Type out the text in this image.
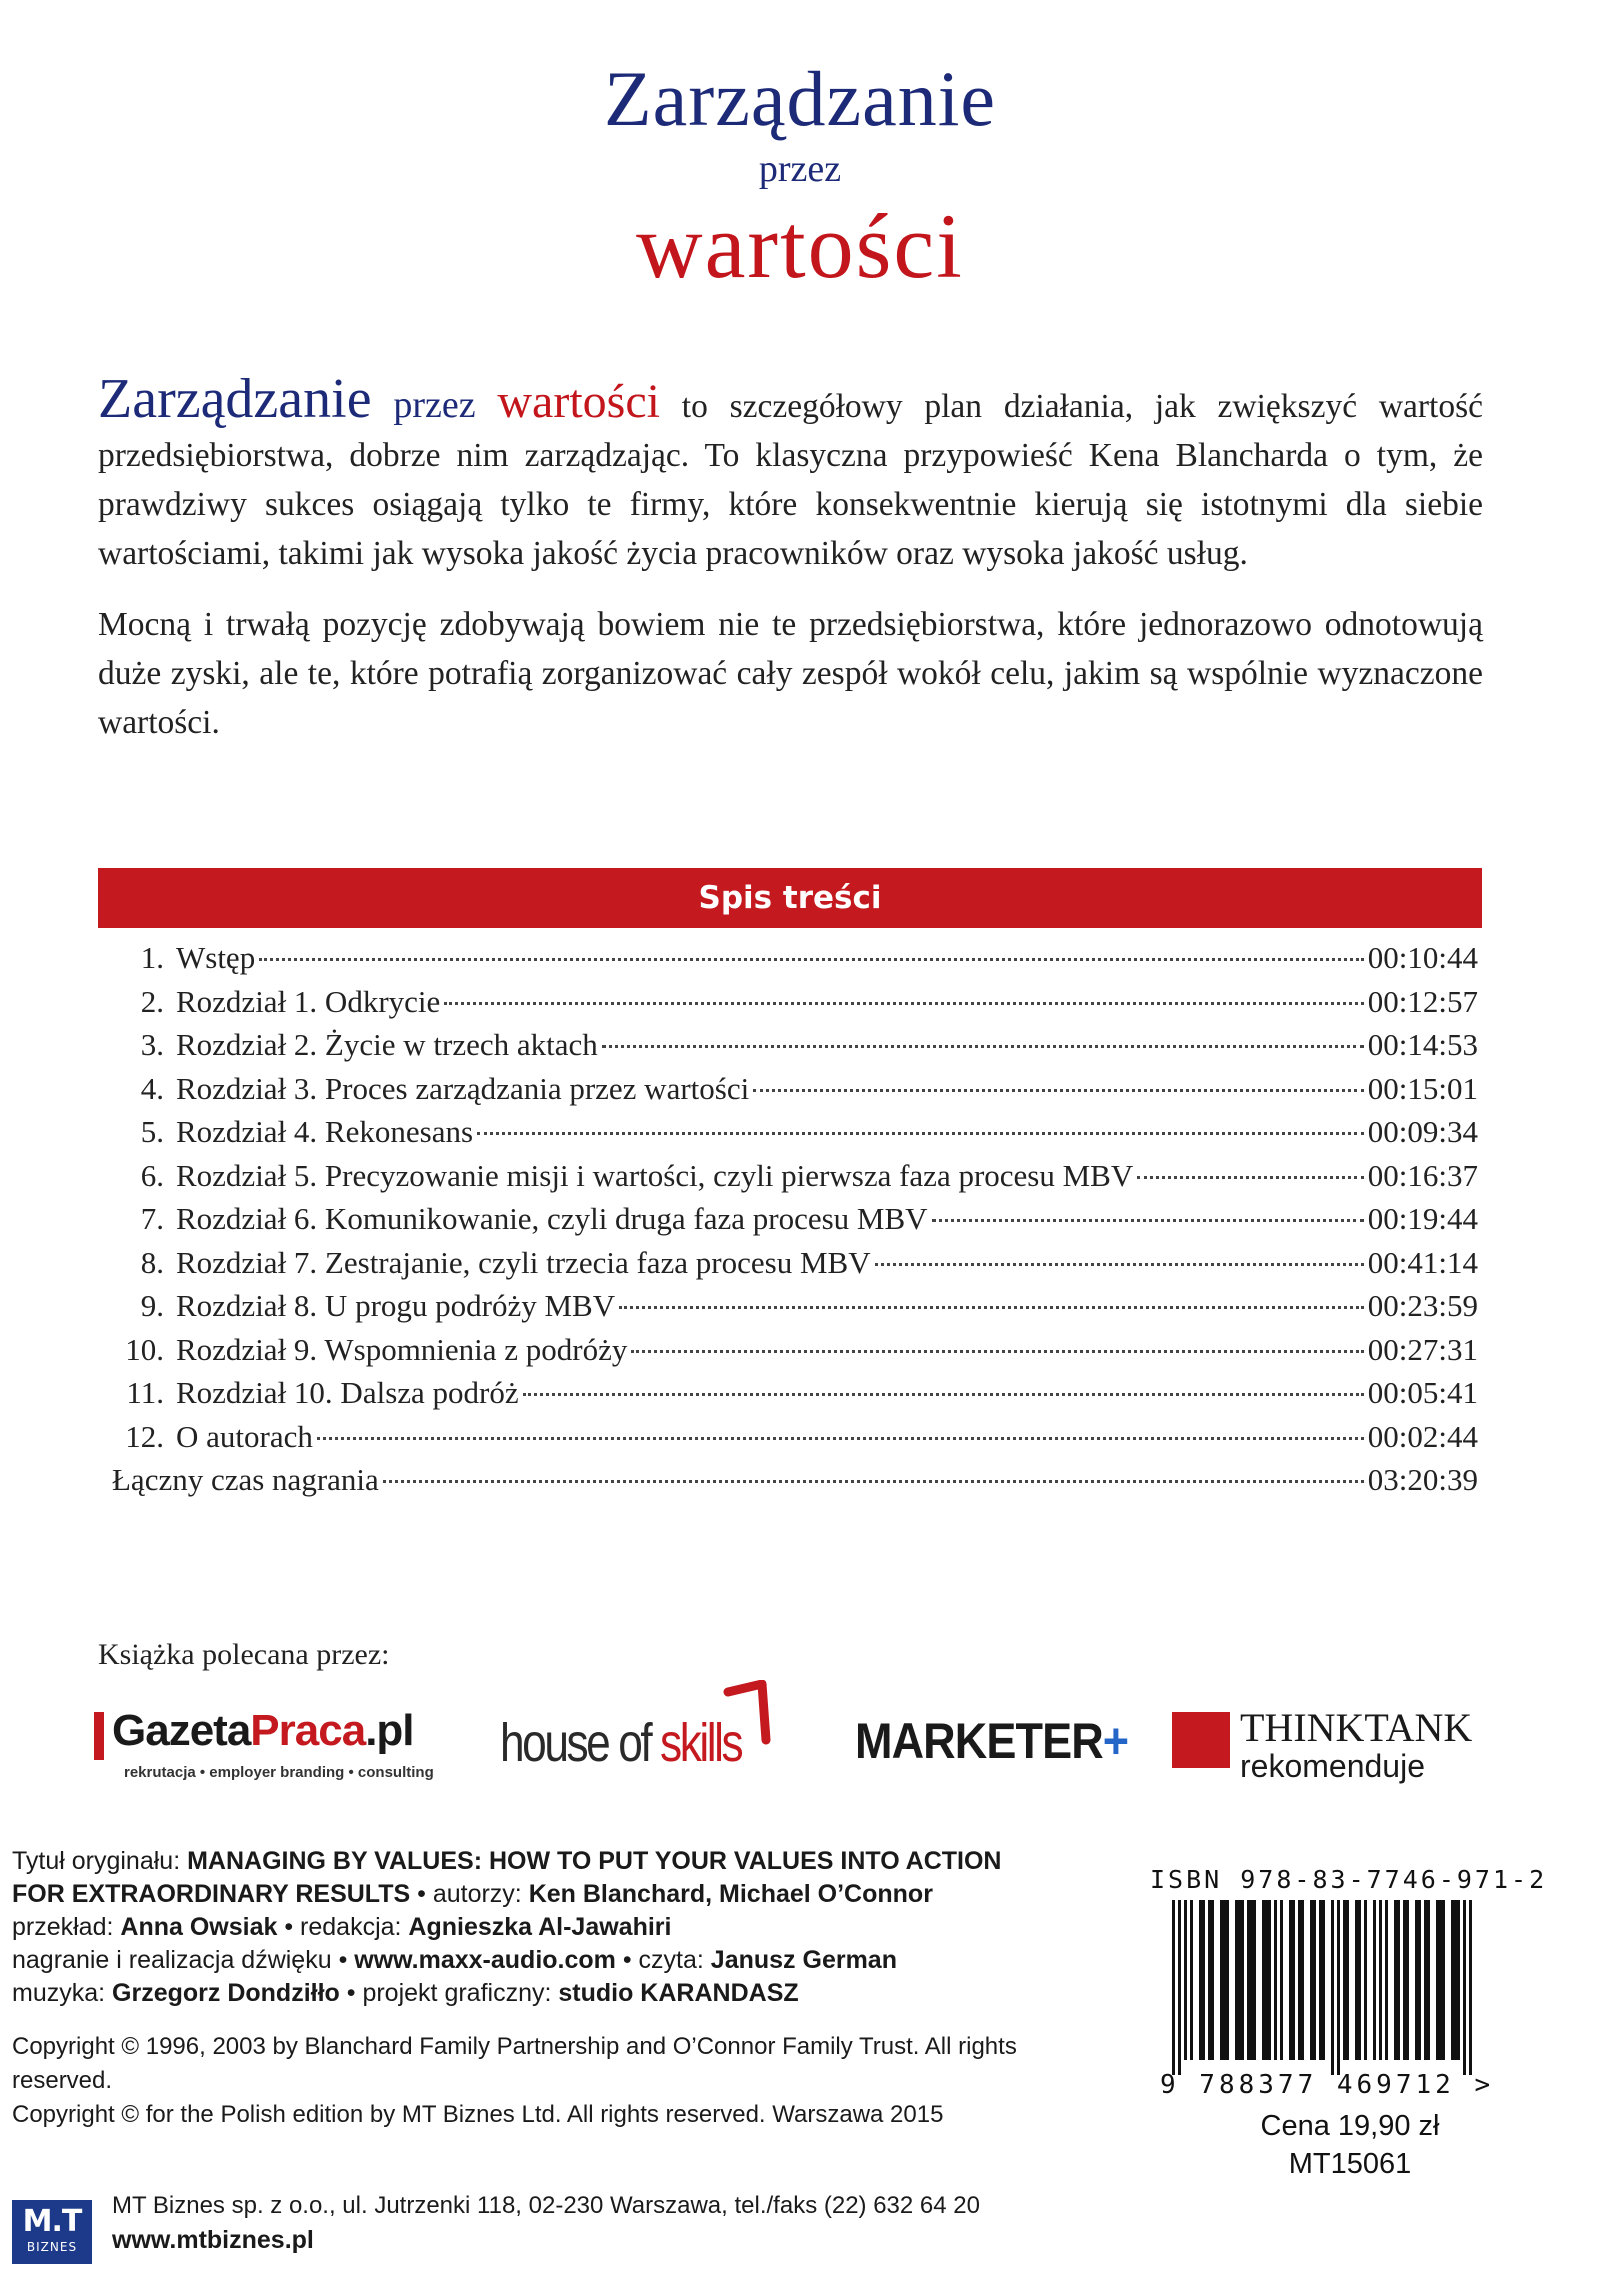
Zarządzanie
przez
wartości

Zarządzanie przez wartości to szczegółowy plan działania, jak zwiększyć wartość przedsiębiorstwa, dobrze nim zarządzając. To klasyczna przypowieść Kena Blancharda o tym, że prawdziwy sukces osiągają tylko te firmy, które konsekwentnie kierują się istotnymi dla siebie wartościami, takimi jak wysoka jakość życia pracowników oraz wysoka jakość usług.

Mocną i trwałą pozycję zdobywają bowiem nie te przedsiębiorstwa, które jednorazowo odnotowują duże zyski, ale te, które potrafią zorganizować cały zespół wokół celu, jakim są wspólnie wyznaczone wartości.

Spis treści
1. Wstęp	00:10:44
2. Rozdział 1. Odkrycie	00:12:57
3. Rozdział 2. Życie w trzech aktach	00:14:53
4. Rozdział 3. Proces zarządzania przez wartości	00:15:01
5. Rozdział 4. Rekonesans	00:09:34
6. Rozdział 5. Precyzowanie misji i wartości, czyli pierwsza faza procesu MBV	00:16:37
7. Rozdział 6. Komunikowanie, czyli druga faza procesu MBV	00:19:44
8. Rozdział 7. Zestrajanie, czyli trzecia faza procesu MBV	00:41:14
9. Rozdział 8. U progu podróży MBV	00:23:59
10. Rozdział 9. Wspomnienia z podróży	00:27:31
11. Rozdział 10. Dalsza podróż	00:05:41
12. O autorach	00:02:44
Łączny czas nagrania	03:20:39
Książka polecana przez:
GazetaPraca.pl
rekrutacja • employer branding • consulting house of skills MARKETER+	THINKTANK
rekomenduje
Tytuł oryginału: MANAGING BY VALUES: HOW TO PUT YOUR VALUES INTO ACTION
FOR EXTRAORDINARY RESULTS • autorzy: Ken Blanchard, Michael O’Connor
przekład: Anna Owsiak • redakcja: Agnieszka Al-Jawahiri
nagranie i realizacja dźwięku • www.maxx-audio.com • czyta: Janusz German
muzyka: Grzegorz Dondziłło • projekt graficzny: studio KARANDASZ
Copyright © 1996, 2003 by Blanchard Family Partnership and O’Connor Family Trust. All rights reserved.
Copyright © for the Polish edition by MT Biznes Ltd. All rights reserved. Warszawa 2015
ISBN 978-83-7746-971-2
9 788377 469712 >
Cena 19,90 zł
MT15061
M.T
BIZNES
MT Biznes sp. z o.o., ul. Jutrzenki 118, 02-230 Warszawa, tel./faks (22) 632 64 20
www.mtbiznes.pl
